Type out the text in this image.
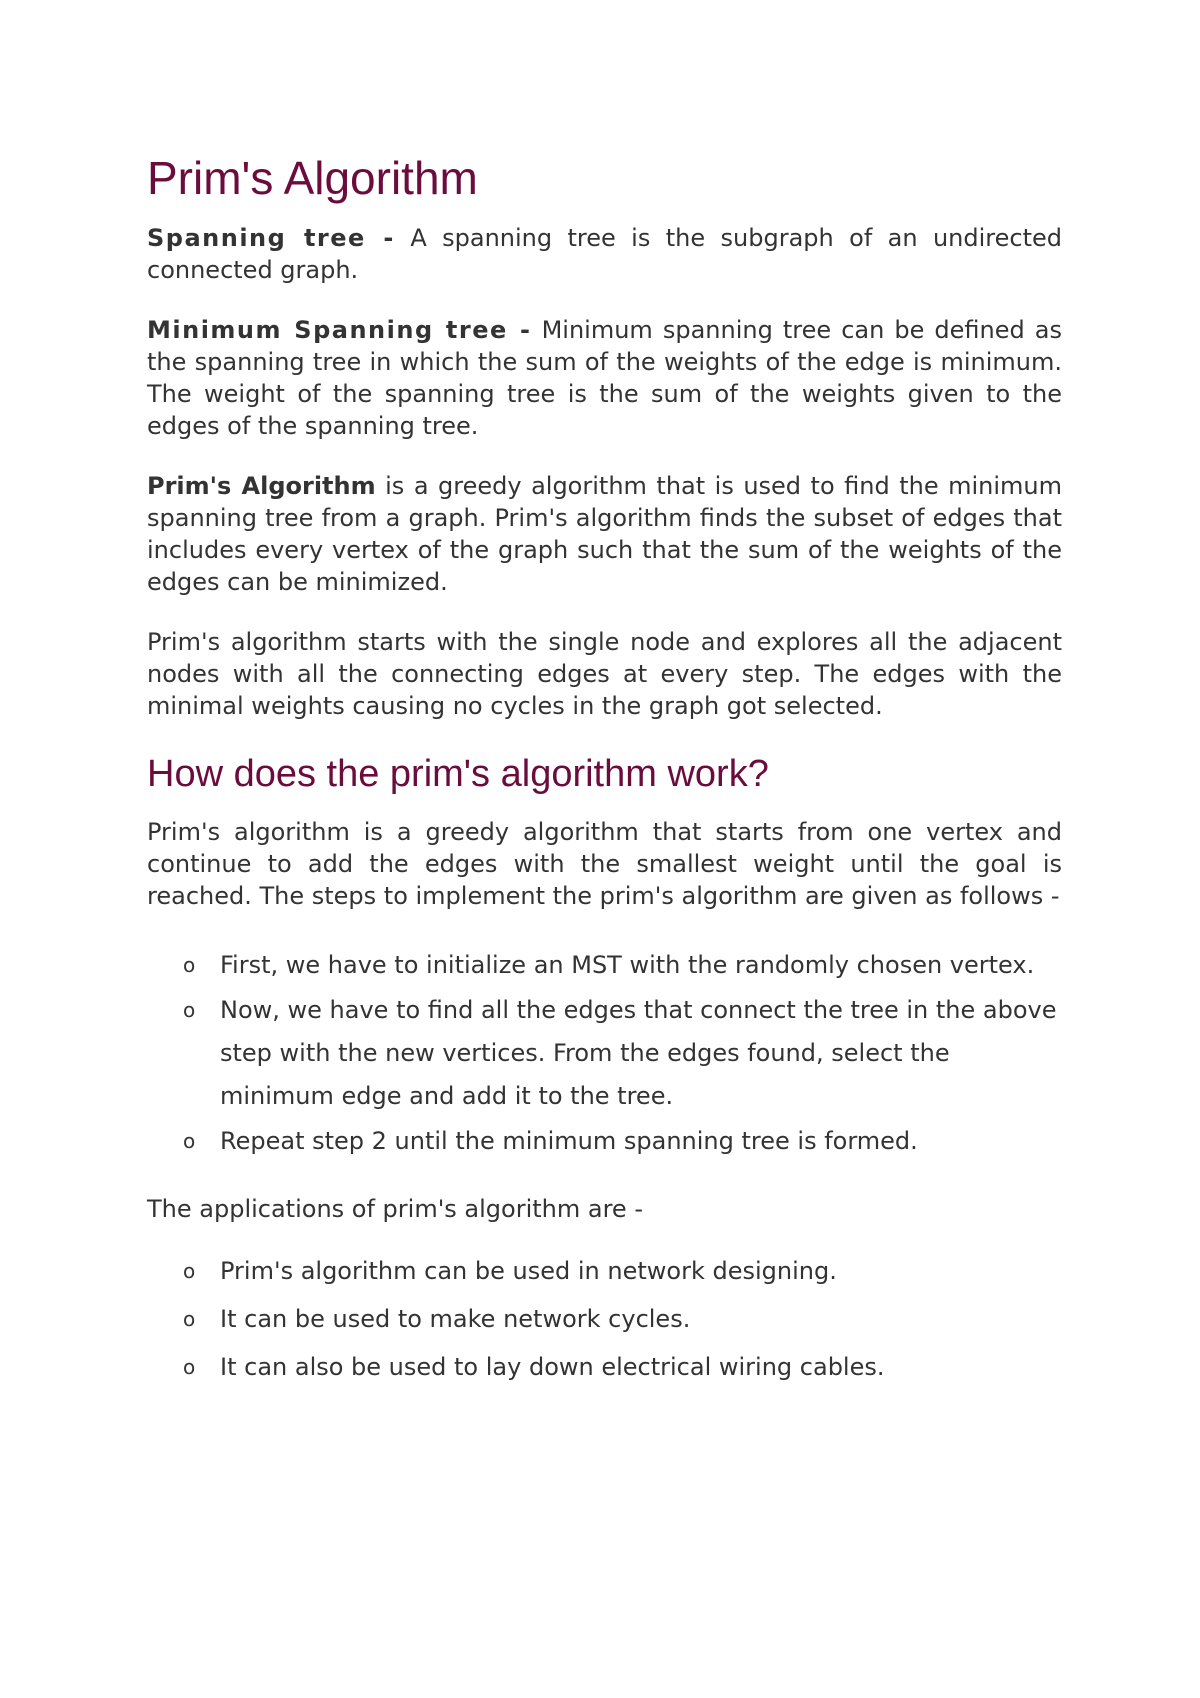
Prim's Algorithm

Spanning tree - A spanning tree is the subgraph of an undirected connected graph.

Minimum Spanning tree - Minimum spanning tree can be defined as the spanning tree in which the sum of the weights of the edge is minimum. The weight of the spanning tree is the sum of the weights given to the edges of the spanning tree.

Prim's Algorithm is a greedy algorithm that is used to find the minimum spanning tree from a graph. Prim's algorithm finds the subset of edges that includes every vertex of the graph such that the sum of the weights of the edges can be minimized.

Prim's algorithm starts with the single node and explores all the adjacent nodes with all the connecting edges at every step. The edges with the minimal weights causing no cycles in the graph got selected.

How does the prim's algorithm work?

Prim's algorithm is a greedy algorithm that starts from one vertex and continue to add the edges with the smallest weight until the goal is reached. The steps to implement the prim's algorithm are given as follows -

o First, we have to initialize an MST with the randomly chosen vertex.
o Now, we have to find all the edges that connect the tree in the above step with the new vertices. From the edges found, select the minimum edge and add it to the tree.
o Repeat step 2 until the minimum spanning tree is formed.

The applications of prim's algorithm are -

o Prim's algorithm can be used in network designing.
o It can be used to make network cycles.
o It can also be used to lay down electrical wiring cables.
